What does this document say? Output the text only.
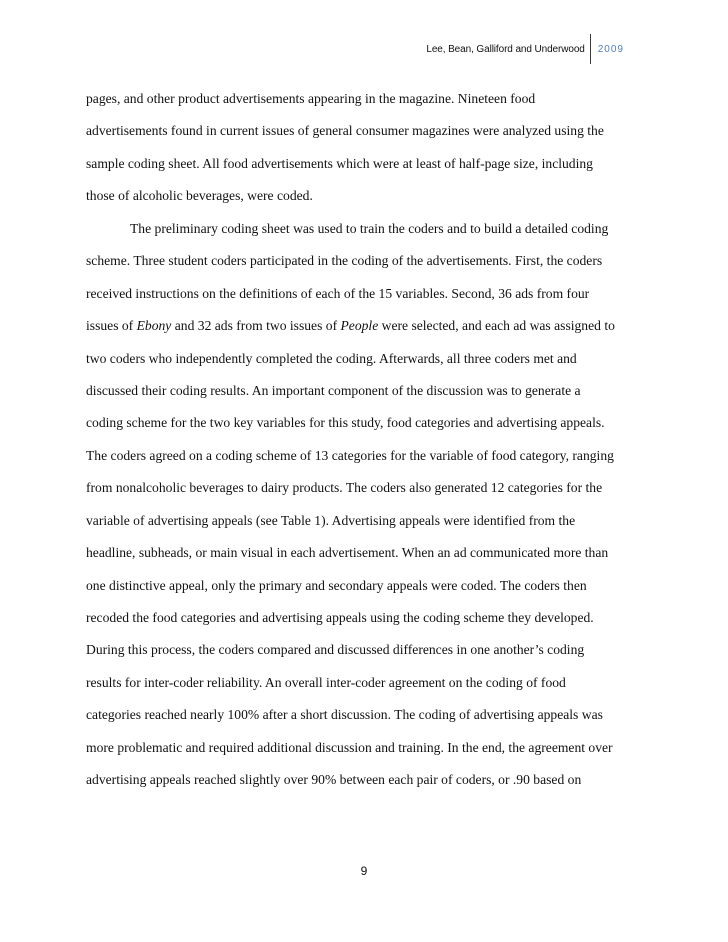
Lee, Bean, Galliford and Underwood	2009
pages, and other product advertisements appearing in the magazine. Nineteen food
advertisements found in current issues of general consumer magazines were analyzed using the
sample coding sheet. All food advertisements which were at least of half-page size, including
those of alcoholic beverages, were coded.
The preliminary coding sheet was used to train the coders and to build a detailed coding
scheme. Three student coders participated in the coding of the advertisements. First, the coders
received instructions on the definitions of each of the 15 variables. Second, 36 ads from four
issues of Ebony and 32 ads from two issues of People were selected, and each ad was assigned to
two coders who independently completed the coding. Afterwards, all three coders met and
discussed their coding results. An important component of the discussion was to generate a
coding scheme for the two key variables for this study, food categories and advertising appeals.
The coders agreed on a coding scheme of 13 categories for the variable of food category, ranging
from nonalcoholic beverages to dairy products. The coders also generated 12 categories for the
variable of advertising appeals (see Table 1). Advertising appeals were identified from the
headline, subheads, or main visual in each advertisement. When an ad communicated more than
one distinctive appeal, only the primary and secondary appeals were coded. The coders then
recoded the food categories and advertising appeals using the coding scheme they developed.
During this process, the coders compared and discussed differences in one another’s coding
results for inter-coder reliability. An overall inter-coder agreement on the coding of food
categories reached nearly 100% after a short discussion. The coding of advertising appeals was
more problematic and required additional discussion and training. In the end, the agreement over
advertising appeals reached slightly over 90% between each pair of coders, or .90 based on
9
